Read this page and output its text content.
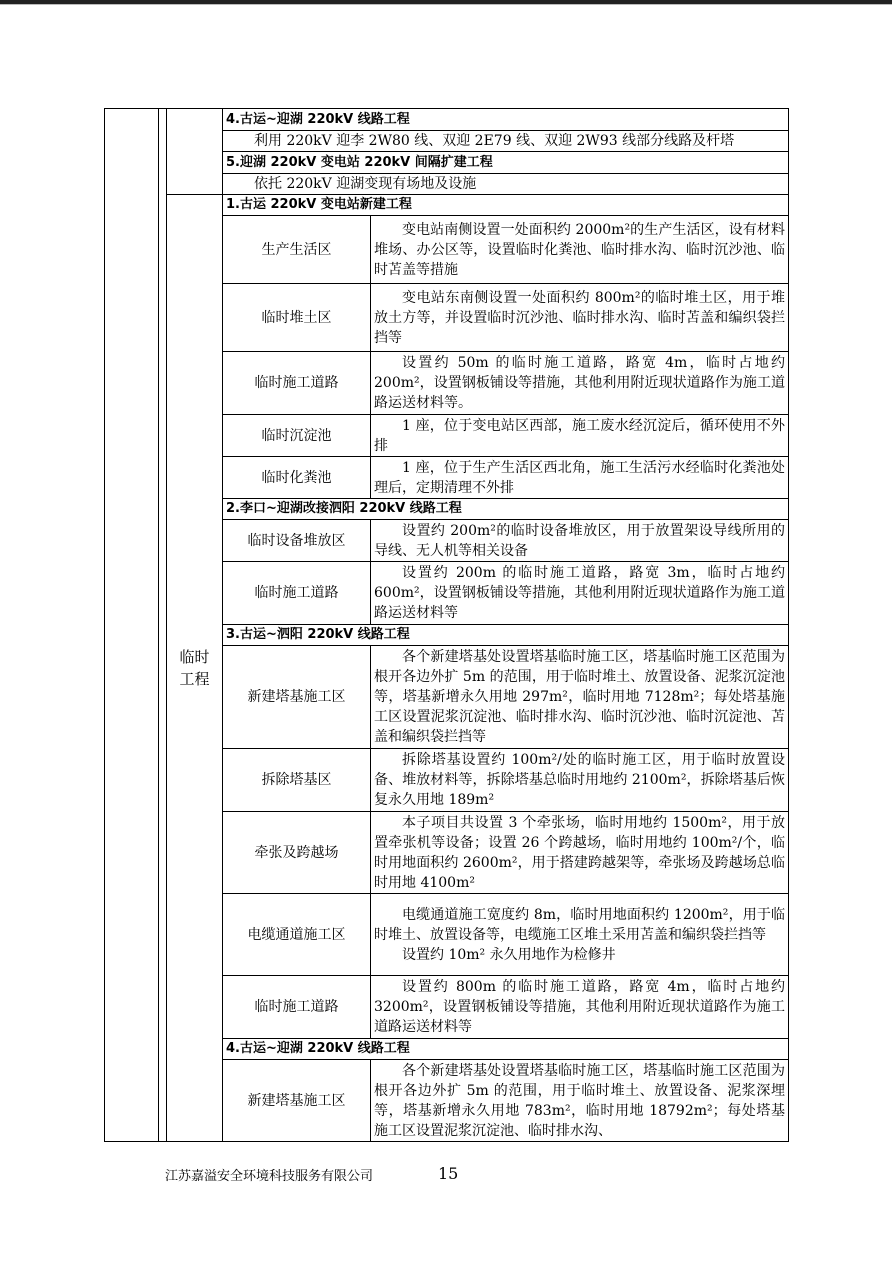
			4.古运~迎湖 220kV 线路工程	
			利用 220kV 迎李 2W80 线、双迎 2E79 线、双迎 2W93 线部分线路及杆塔	
			5.迎湖 220kV 变电站 220kV 间隔扩建工程	
			依托 220kV 迎湖变现有场地及设施	
		临时
工程	1.古运 220kV 变电站新建工程	
			生产生活区	变电站南侧设置一处面积约 2000m²的生产生活区，设有材料堆场、办公区等，设置临时化粪池、临时排水沟、临时沉沙池、临时苫盖等措施

			临时堆土区	变电站东南侧设置一处面积约 800m²的临时堆土区，用于堆放土方等，并设置临时沉沙池、临时排水沟、临时苫盖和编织袋拦挡等

			临时施工道路	设置约 50m 的临时施工道路，路宽 4m，临时占地约 200m²，设置钢板铺设等措施，其他利用附近现状道路作为施工道路运送材料等。

			临时沉淀池	1 座，位于变电站区西部，施工废水经沉淀后，循环使用不外排

			临时化粪池	1 座，位于生产生活区西北角，施工生活污水经临时化粪池处理后，定期清理不外排

			2.李口~迎湖改接泗阳 220kV 线路工程	
			临时设备堆放区	设置约 200m²的临时设备堆放区，用于放置架设导线所用的导线、无人机等相关设备

			临时施工道路	设置约 200m 的临时施工道路，路宽 3m，临时占地约 600m²，设置钢板铺设等措施，其他利用附近现状道路作为施工道路运送材料等

			3.古运~泗阳 220kV 线路工程	
			新建塔基施工区	各个新建塔基处设置塔基临时施工区，塔基临时施工区范围为根开各边外扩 5m 的范围，用于临时堆土、放置设备、泥浆沉淀池等，塔基新增永久用地 297m²，临时用地 7128m²；每处塔基施工区设置泥浆沉淀池、临时排水沟、临时沉沙池、临时沉淀池、苫盖和编织袋拦挡等

			拆除塔基区	拆除塔基设置约 100m²/处的临时施工区，用于临时放置设备、堆放材料等，拆除塔基总临时用地约 2100m²，拆除塔基后恢复永久用地 189m²

			牵张及跨越场	本子项目共设置 3 个牵张场，临时用地约 1500m²，用于放置牵张机等设备；设置 26 个跨越场，临时用地约 100m²/个，临时用地面积约 2600m²，用于搭建跨越架等，牵张场及跨越场总临时用地 4100m²

			电缆通道施工区	电缆通道施工宽度约 8m，临时用地面积约 1200m²，用于临时堆土、放置设备等，电缆施工区堆土采用苫盖和编织袋拦挡等
设置约 10m² 永久用地作为检修井

			临时施工道路	设置约 800m 的临时施工道路，路宽 4m，临时占地约 3200m²，设置钢板铺设等措施，其他利用附近现状道路作为施工道路运送材料等

			4.古运~迎湖 220kV 线路工程	
			新建塔基施工区	各个新建塔基处设置塔基临时施工区，塔基临时施工区范围为根开各边外扩 5m 的范围，用于临时堆土、放置设备、泥浆深埋等，塔基新增永久用地 783m²，临时用地 18792m²；每处塔基施工区设置泥浆沉淀池、临时排水沟、
江苏嘉溢安全环境科技服务有限公司	15
